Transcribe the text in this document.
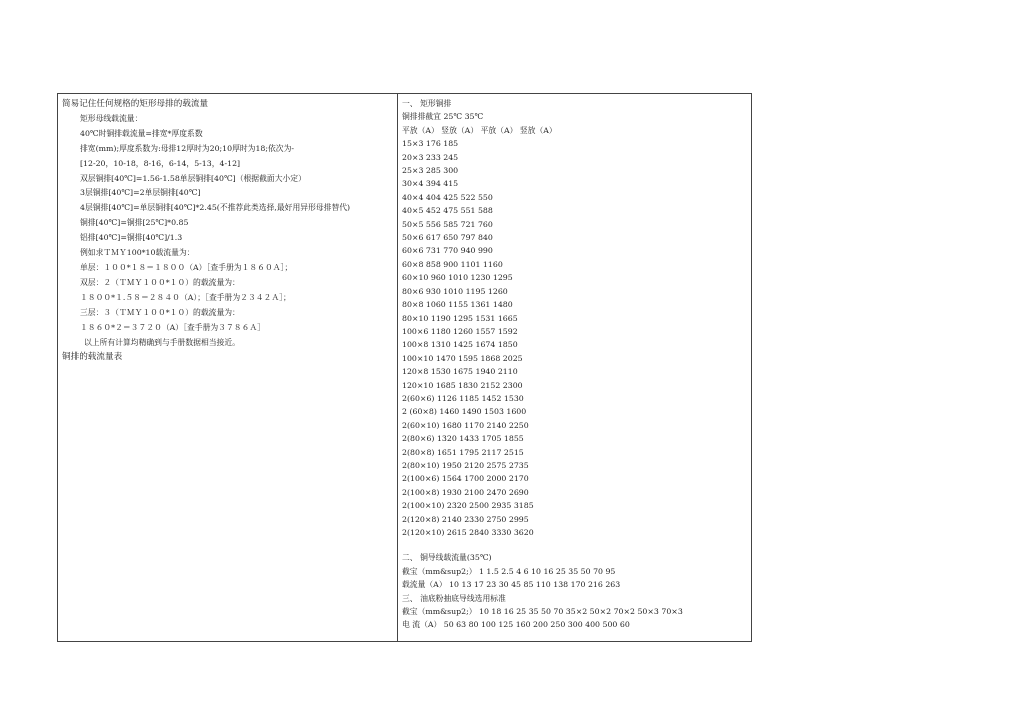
简易记住任何规格的矩形母排的载流量
矩形母线载流量：
40℃时铜排载流量=排宽*厚度系数
排宽(mm);厚度系数为:母排12厚时为20;10厚时为18;依次为-
[12-20，10-18，8-16，6-14，5-13，4-12]
双层铜排[40℃]=1.56-1.58单层铜排[40℃]（根据截面大小定）
3层铜排[40℃]=2单层铜排[40℃]
4层铜排[40℃]=单层铜排[40℃]*2.45(不推荐此类选择,最好用异形母排替代)
铜排[40℃]=铜排[25℃]*0.85
铝排[40℃]=铜排[40℃]/1.3
例如求ＴＭＹ100*10载流量为：
单层：１００*１８＝１８００（A）［查手册为１８６０Ａ］；
双层：２（ＴＭＹ１００*１０）的载流量为：
１８００*１.５８＝２８４０（A）；［查手册为２３４２Ａ］；
三层：３（ＴＭＹ１００*１０）的载流量为：
１８６０*２＝３７２０（A）［查手册为３７８６Ａ］
以上所有计算均精确到与手册数据相当接近。
铜排的载流量表
一、 矩形铜排
铜排排截宜 25℃ 35℃
平放（A） 竖放（A） 平放（A） 竖放（A）
15×3 176 185
20×3 233 245
25×3 285 300
30×4 394 415
40×4 404 425 522 550
40×5 452 475 551 588
50×5 556 585 721 760
50×6 617 650 797 840
60×6 731 770 940 990
60×8 858 900 1101 1160
60×10 960 1010 1230 1295
80×6 930 1010 1195 1260
80×8 1060 1155 1361 1480
80×10 1190 1295 1531 1665
100×6 1180 1260 1557 1592
100×8 1310 1425 1674 1850
100×10 1470 1595 1868 2025
120×8 1530 1675 1940 2110
120×10 1685 1830 2152 2300
2(60×6) 1126 1185 1452 1530
2 (60×8) 1460 1490 1503 1600
2(60×10) 1680 1170 2140 2250
2(80×6) 1320 1433 1705 1855
2(80×8) 1651 1795 2117 2515
2(80×10) 1950 2120 2575 2735
2(100×6) 1564 1700 2000 2170
2(100×8) 1930 2100 2470 2690
2(100×10) 2320 2500 2935 3185
2(120×8) 2140 2330 2750 2995
2(120×10) 2615 2840 3330 3620
二、 铜导线载流量(35℃)
截宝（mm&sup2;） 1 1.5 2.5 4 6 10 16 25 35 50 70 95
载流量（A） 10 13 17 23 30 45 85 110 138 170 216 263
三、 油底粉抽底导线选用标准
截宝（mm&sup2;） 10 18 16 25 35 50 70 35×2 50×2 70×2 50×3 70×3
电 流（A） 50 63 80 100 125 160 200 250 300 400 500 60
